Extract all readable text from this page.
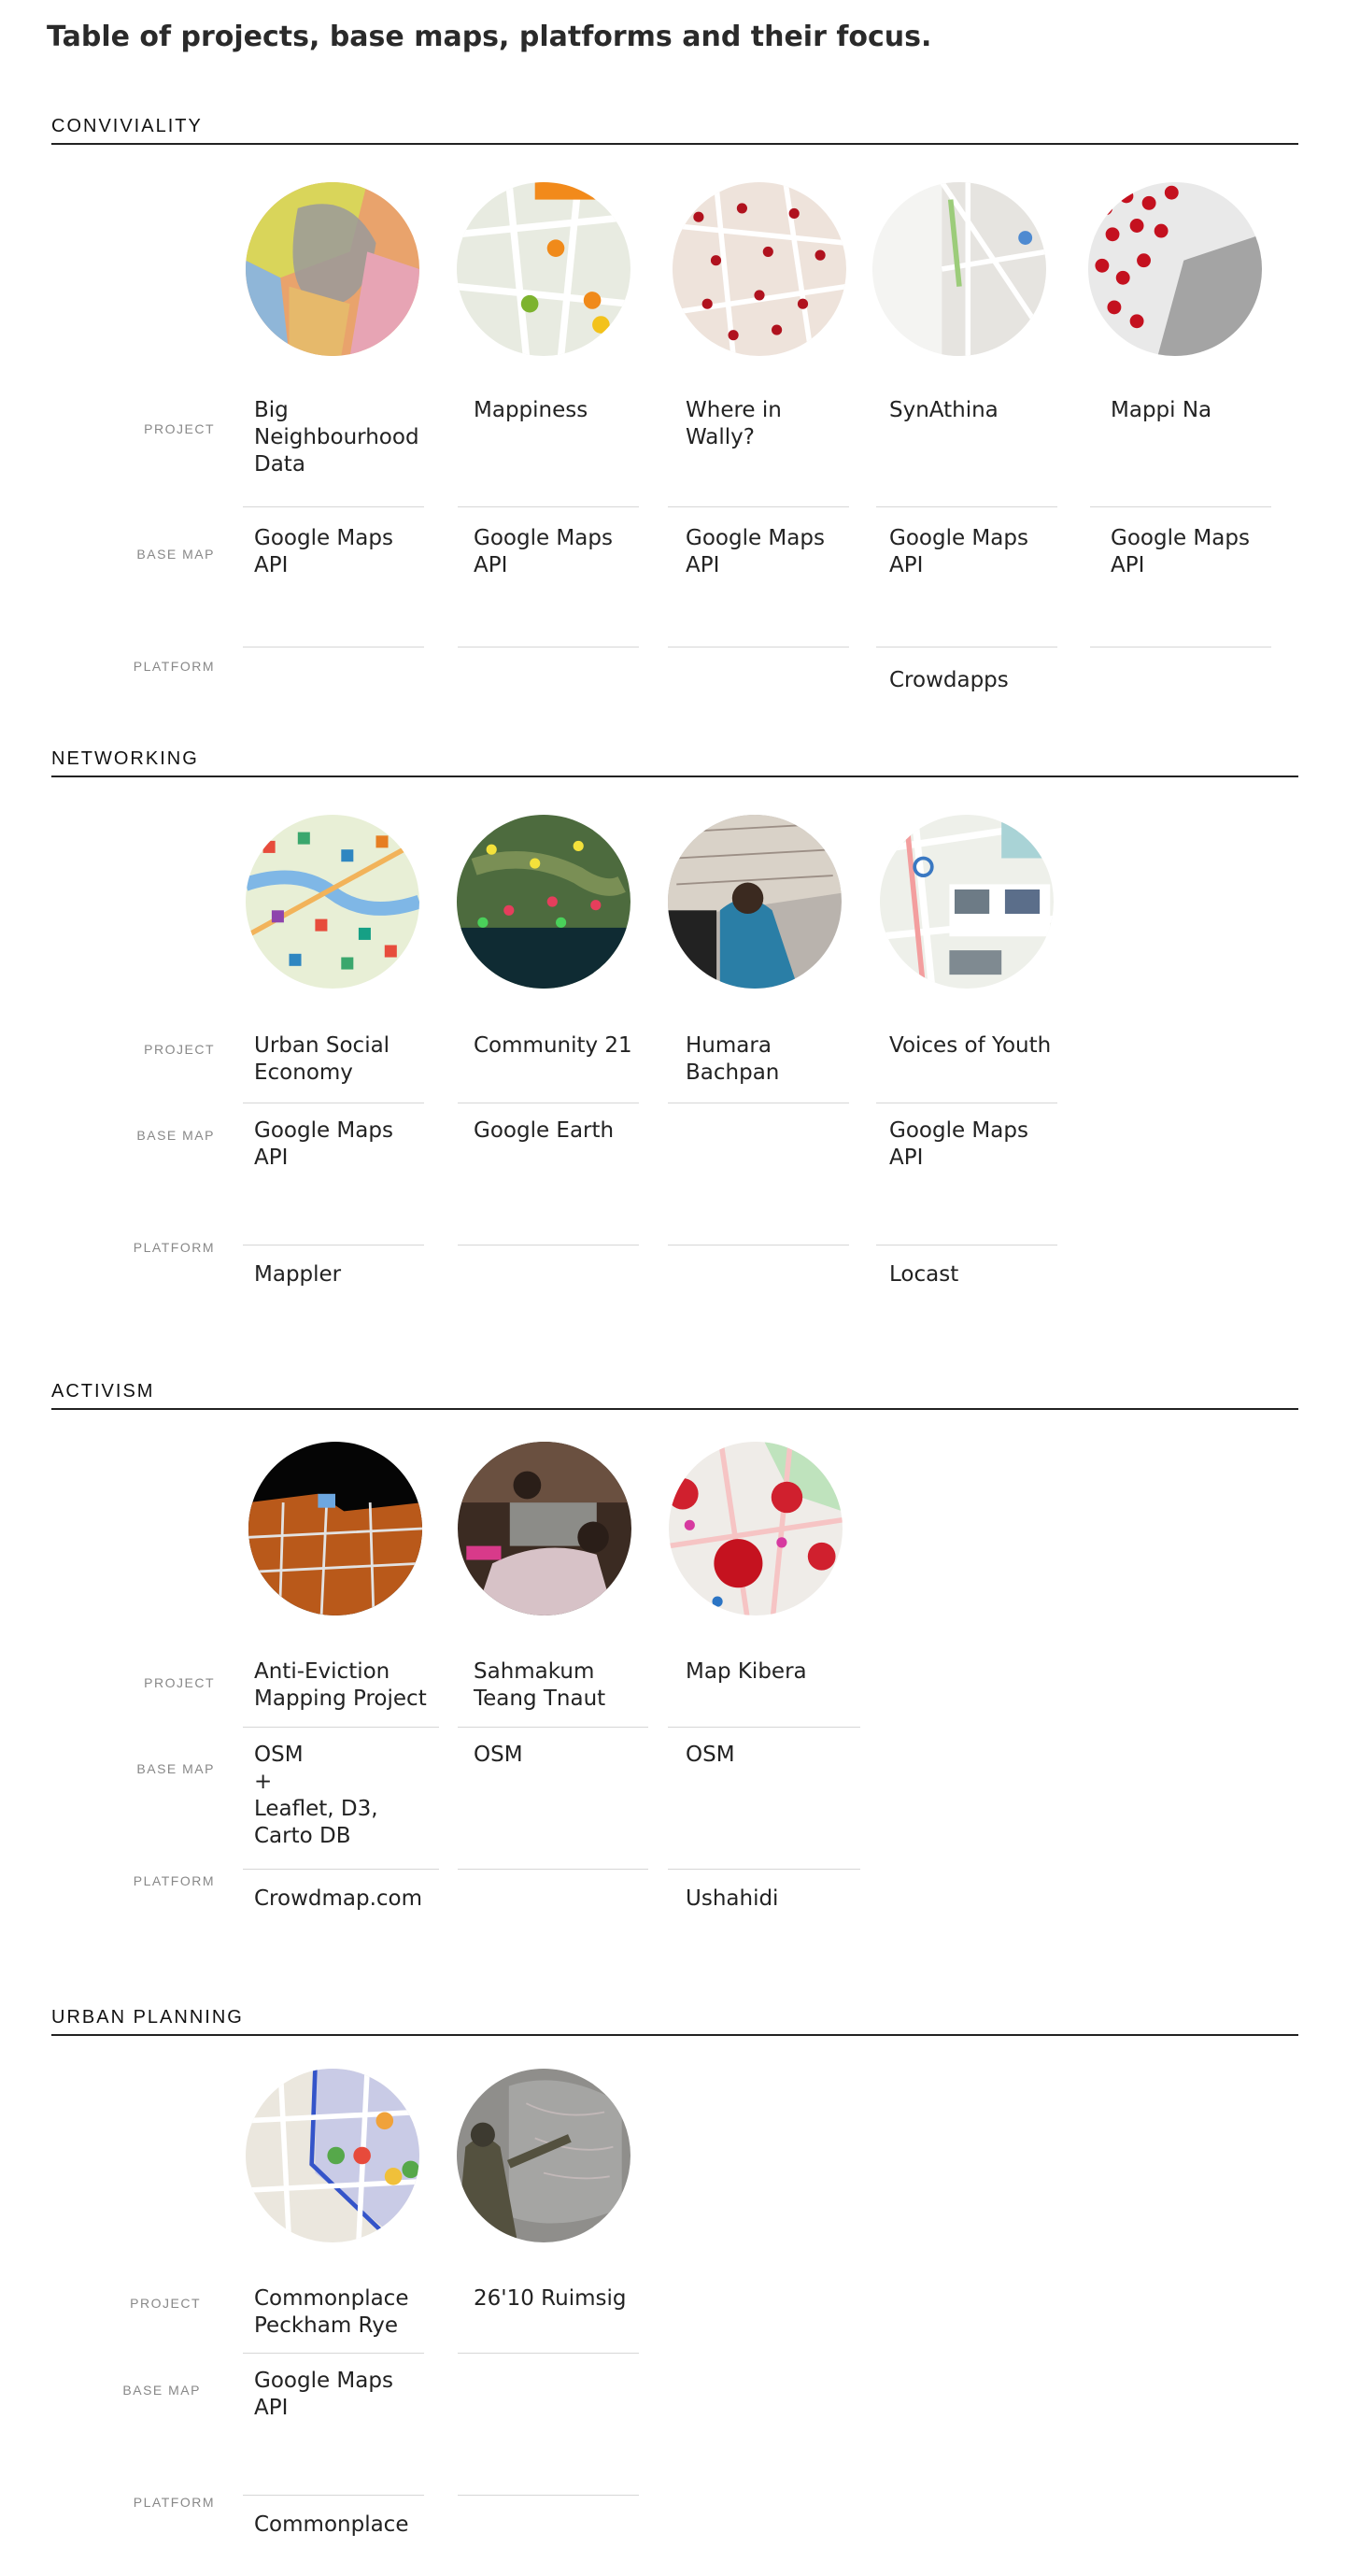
Table of projects, base maps, platforms and their focus.
CONVIVIALITY
PROJECT
BASE MAP
PLATFORM
Big
Neighbourhood
Data
Google Maps
API
Mappiness
Google Maps
API
Where in
Wally?
Google Maps
API
SynAthina
Google Maps
API
Crowdapps
Mappi Na
Google Maps
API
NETWORKING
PROJECT
BASE MAP
PLATFORM
Urban Social
Economy
Google Maps
API
Mappler
Community 21
Google Earth
Humara
Bachpan
Voices of Youth
Google Maps
API
Locast
ACTIVISM
PROJECT
BASE MAP
PLATFORM
Anti-Eviction
Mapping Project
OSM
+
Leaflet, D3,
Carto DB
Crowdmap.com
Sahmakum
Teang Tnaut
OSM
Map Kibera
OSM
Ushahidi
URBAN PLANNING
PROJECT
BASE MAP
PLATFORM
Commonplace
Peckham Rye
Google Maps
API
Commonplace
26'10 Ruimsig
